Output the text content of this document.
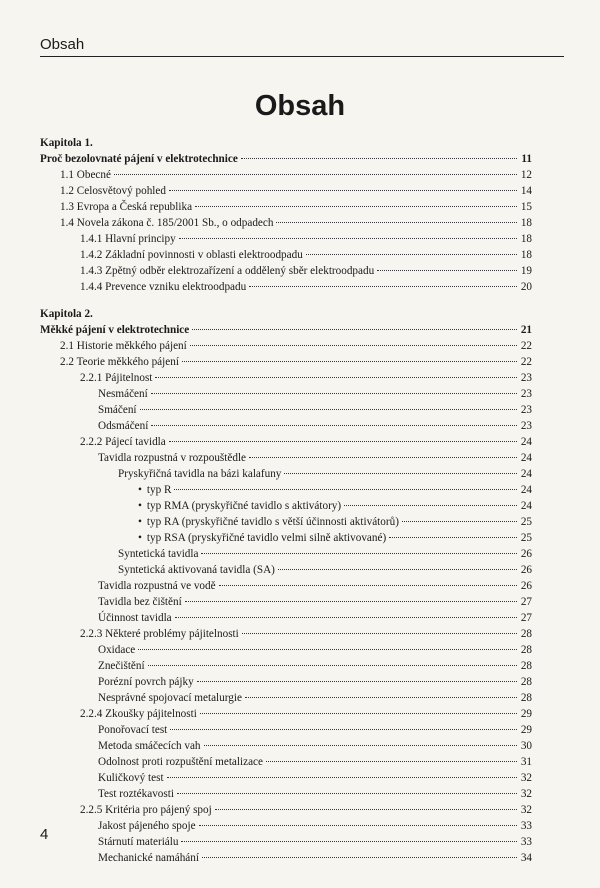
Obsah
Obsah
Kapitola 1.
Proč bezolovnaté pájení v elektrotechnice	11
1.1 Obecné	12
1.2 Celosvětový pohled	14
1.3 Evropa a Česká republika	15
1.4 Novela zákona č. 185/2001 Sb., o odpadech	18
1.4.1 Hlavní principy	18
1.4.2 Základní povinnosti v oblasti elektroodpadu	18
1.4.3 Zpětný odběr elektrozařízení a oddělený sběr elektroodpadu	19
1.4.4 Prevence vzniku elektroodpadu	20
Kapitola 2.
Měkké pájení v elektrotechnice	21
2.1 Historie měkkého pájení	22
2.2 Teorie měkkého pájení	22
2.2.1 Pájitelnost	23
Nesmáčení	23
Smáčení	23
Odsmáčení	23
2.2.2 Pájecí tavidla	24
Tavidla rozpustná v rozpouštědle	24
Pryskyřičná tavidla na bázi kalafuny	24
• typ R	24
• typ RMA (pryskyřičné tavidlo s aktivátory)	24
• typ RA (pryskyřičné tavidlo s větší účinnosti aktivátorů)	25
• typ RSA (pryskyřičné tavidlo velmi silně aktivované)	25
Syntetická tavidla	26
Syntetická aktivovaná tavidla (SA)	26
Tavidla rozpustná ve vodě	26
Tavidla bez čištění	27
Účinnost tavidla	27
2.2.3 Některé problémy pájitelnosti	28
Oxidace	28
Znečištění	28
Porézní povrch pájky	28
Nesprávné spojovací metalurgie	28
2.2.4 Zkoušky pájitelnosti	29
Ponořovací test	29
Metoda smáčecích vah	30
Odolnost proti rozpuštění metalizace	31
Kuličkový test	32
Test roztékavosti	32
2.2.5 Kritéria pro pájený spoj	32
Jakost pájeného spoje	33
Stárnutí materiálu	33
Mechanické namáhání	34
4
